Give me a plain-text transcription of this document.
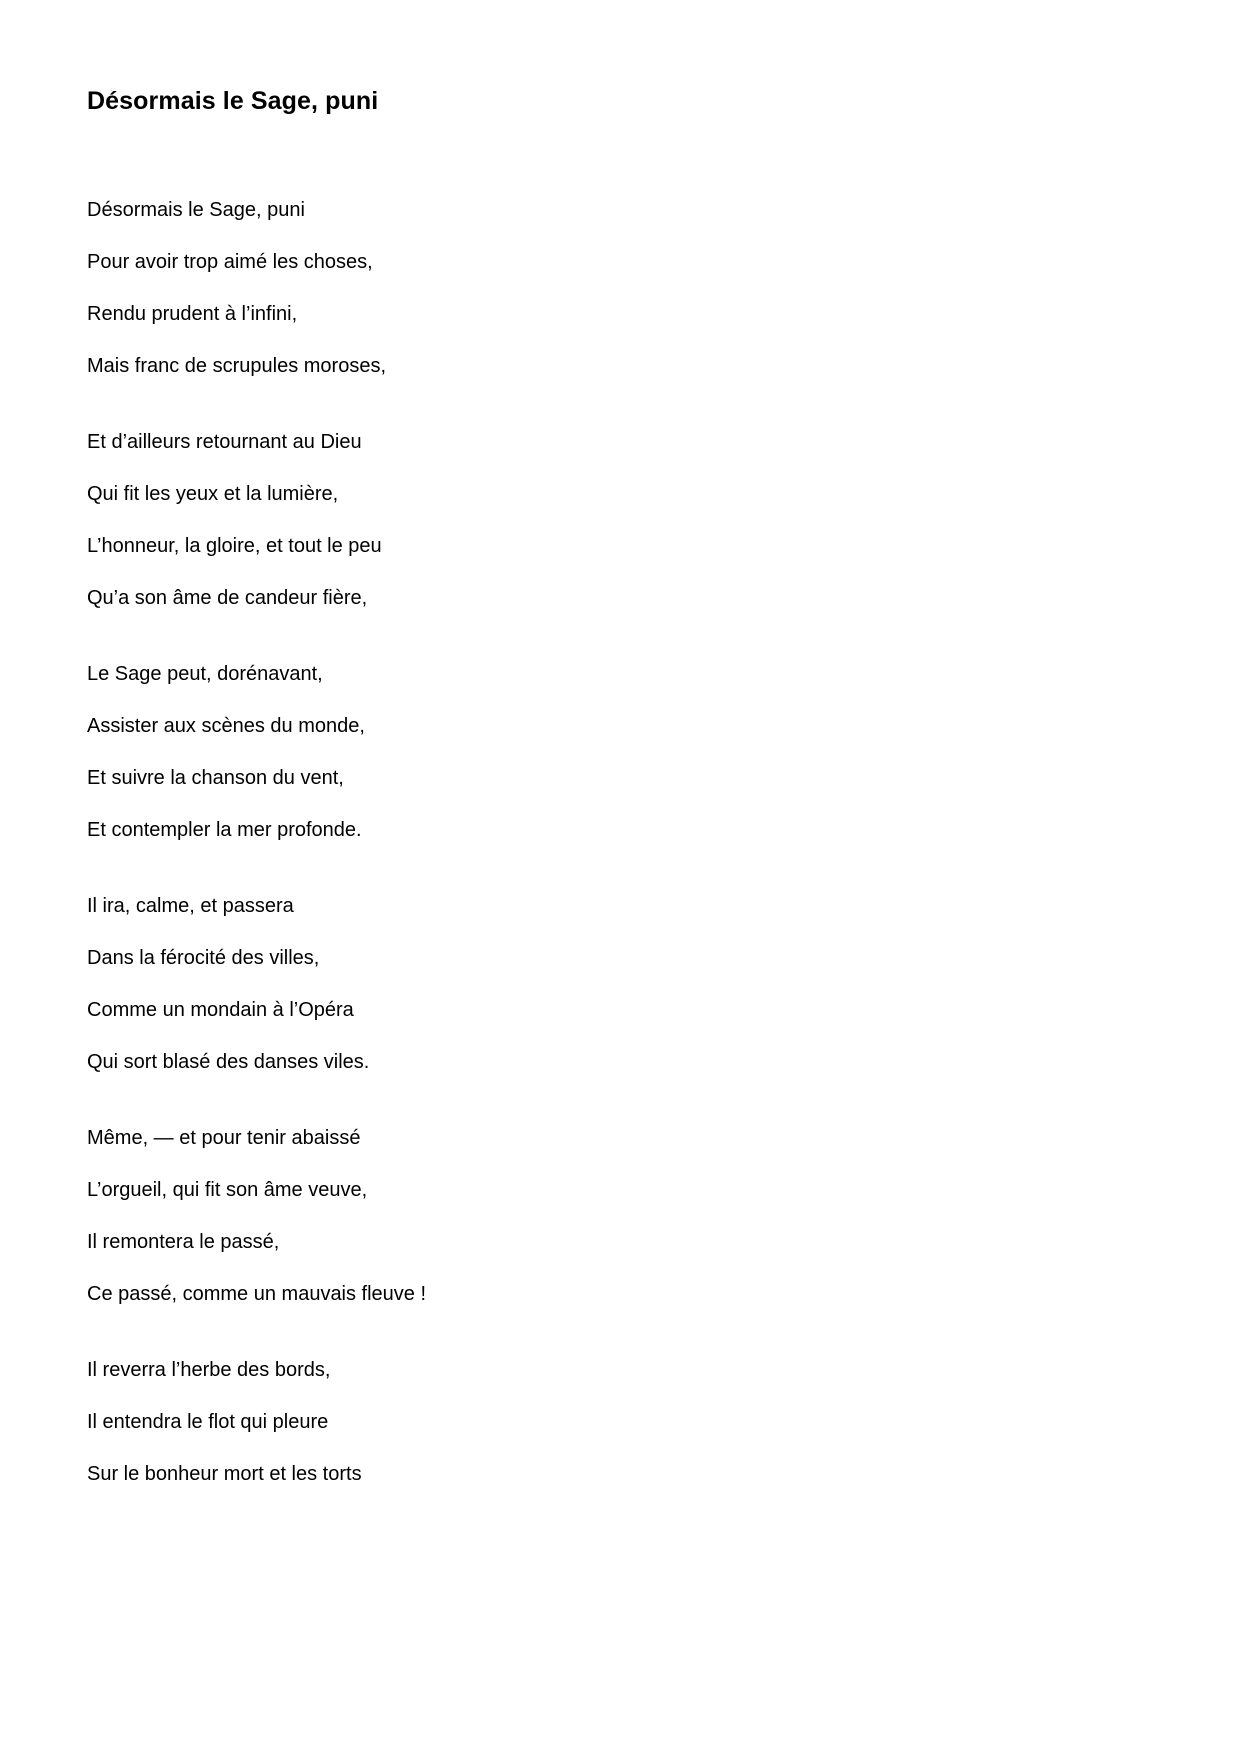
Désormais le Sage, puni
Désormais le Sage, puni
Pour avoir trop aimé les choses,
Rendu prudent à l’infini,
Mais franc de scrupules moroses,
Et d’ailleurs retournant au Dieu
Qui fit les yeux et la lumière,
L’honneur, la gloire, et tout le peu
Qu’a son âme de candeur fière,
Le Sage peut, dorénavant,
Assister aux scènes du monde,
Et suivre la chanson du vent,
Et contempler la mer profonde.
Il ira, calme, et passera
Dans la férocité des villes,
Comme un mondain à l’Opéra
Qui sort blasé des danses viles.
Même, — et pour tenir abaissé
L’orgueil, qui fit son âme veuve,
Il remontera le passé,
Ce passé, comme un mauvais fleuve !
Il reverra l’herbe des bords,
Il entendra le flot qui pleure
Sur le bonheur mort et les torts
